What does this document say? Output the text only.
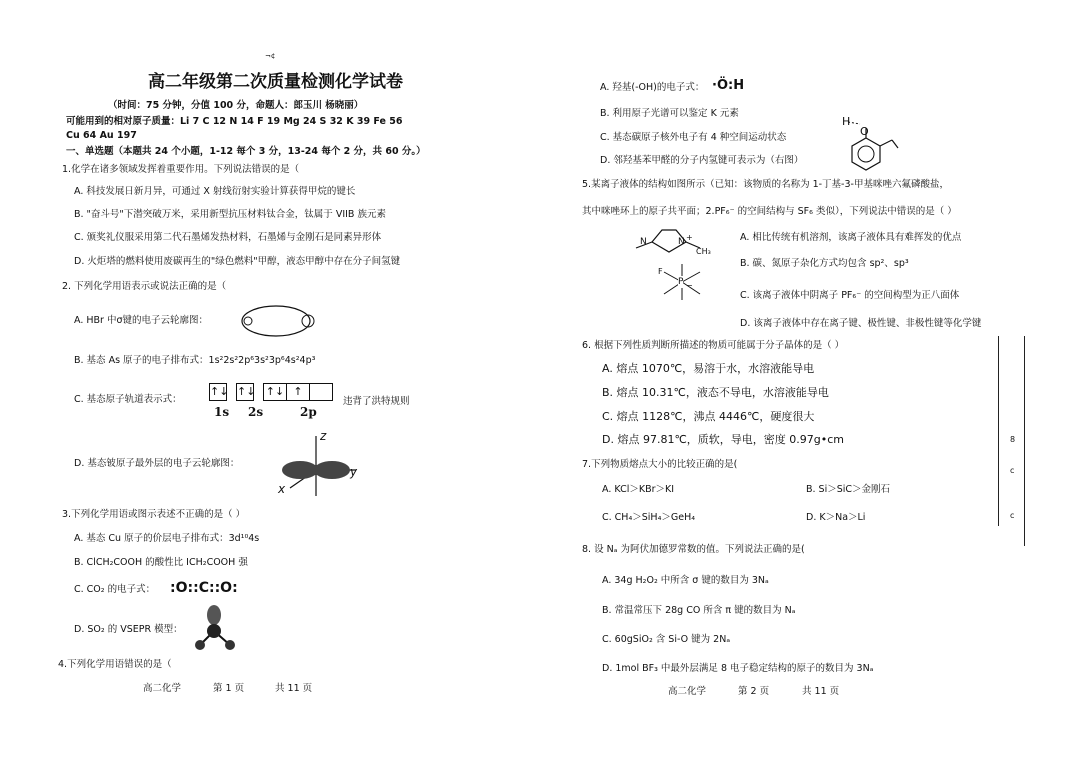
¬¢
高二年级第二次质量检测化学试卷
（时间：75 分钟，分值 100 分，命题人：郎玉川 杨晓丽）
可能用到的相对原子质量：Li 7 C 12 N 14 F 19 Mg 24 S 32 K 39 Fe 56
Cu 64 Au 197
一、单选题（本题共 24 个小题，1-12 每个 3 分，13-24 每个 2 分，共 60 分。）
1.化学在诸多领域发挥着重要作用。下列说法错误的是（
A. 科技发展日新月异，可通过 X 射线衍射实验计算获得甲烷的键长
B. "奋斗号"下潜突破万米，采用新型抗压材料钛合金，钛属于 VIIB 族元素
C. 颁奖礼仪服采用第二代石墨烯发热材料，石墨烯与金刚石是同素异形体
D. 火炬塔的燃料使用废碳再生的"绿色燃料"甲醇，液态甲醇中存在分子间氢键
2. 下列化学用语表示或说法正确的是（
A. HBr 中σ键的电子云轮廓图：
B. 基态 As 原子的电子排布式：1s²2s²2p⁶3s²3p⁶4s²4p³
C. 基态原子轨道表示式：
↑↓ ↑↓ ↑↓ ↑
1s 2s	2p
违背了洪特规则
D. 基态铍原子最外层的电子云轮廓图：
z
y
x
3.下列化学用语或图示表述不正确的是（ ）
A. 基态 Cu 原子的价层电子排布式：3d¹⁰4s
B. ClCH₂COOH 的酸性比 ICH₂COOH 强
C. CO₂ 的电子式： :O::C::O:
D. SO₂ 的 VSEPR 模型：
4.下列化学用语错误的是（
高二化学	第 1 页	共 11 页
A. 羟基(-OH)的电子式： ·Ö:H
B. 利用原子光谱可以鉴定 K 元素
C. 基态碳原子核外电子有 4 种空间运动状态
D. 邻羟基苯甲醛的分子内氢键可表示为（右图）
H
O
5.某离子液体的结构如图所示（已知：该物质的名称为 1-丁基-3-甲基咪唑六氟磷酸盐，
其中咪唑环上的原子共平面；2.PF₆⁻ 的空间结构与 SF₆ 类似），下列说法中错误的是（ ）
N	N +
CH₃
P
F
−
A. 相比传统有机溶剂，该离子液体具有难挥发的优点
B. 碳、氮原子杂化方式均包含 sp²、sp³
C. 该离子液体中阴离子 PF₆⁻ 的空间构型为正八面体
D. 该离子液体中存在离子键、极性键、非极性键等化学键
6. 根据下列性质判断所描述的物质可能属于分子晶体的是（ ）
A. 熔点 1070℃，易溶于水，水溶液能导电
B. 熔点 10.31℃，液态不导电，水溶液能导电
C. 熔点 1128℃，沸点 4446℃，硬度很大
D. 熔点 97.81℃，质软，导电，密度 0.97g•cm
7.下列物质熔点大小的比较正确的是(
A. KCl＞KBr＞KI	B. Si＞SiC＞金刚石
C. CH₄＞SiH₄＞GeH₄	D. K＞Na＞Li
8. 设 Nₐ 为阿伏加德罗常数的值。下列说法正确的是(
A. 34g H₂O₂ 中所含 σ 键的数目为 3Nₐ
B. 常温常压下 28g CO 所含 π 键的数目为 Nₐ
C. 60gSiO₂ 含 Si-O 键为 2Nₐ
D. 1mol BF₃ 中最外层满足 8 电子稳定结构的原子的数目为 3Nₐ
8
c
c
高二化学	第 2 页	共 11 页
